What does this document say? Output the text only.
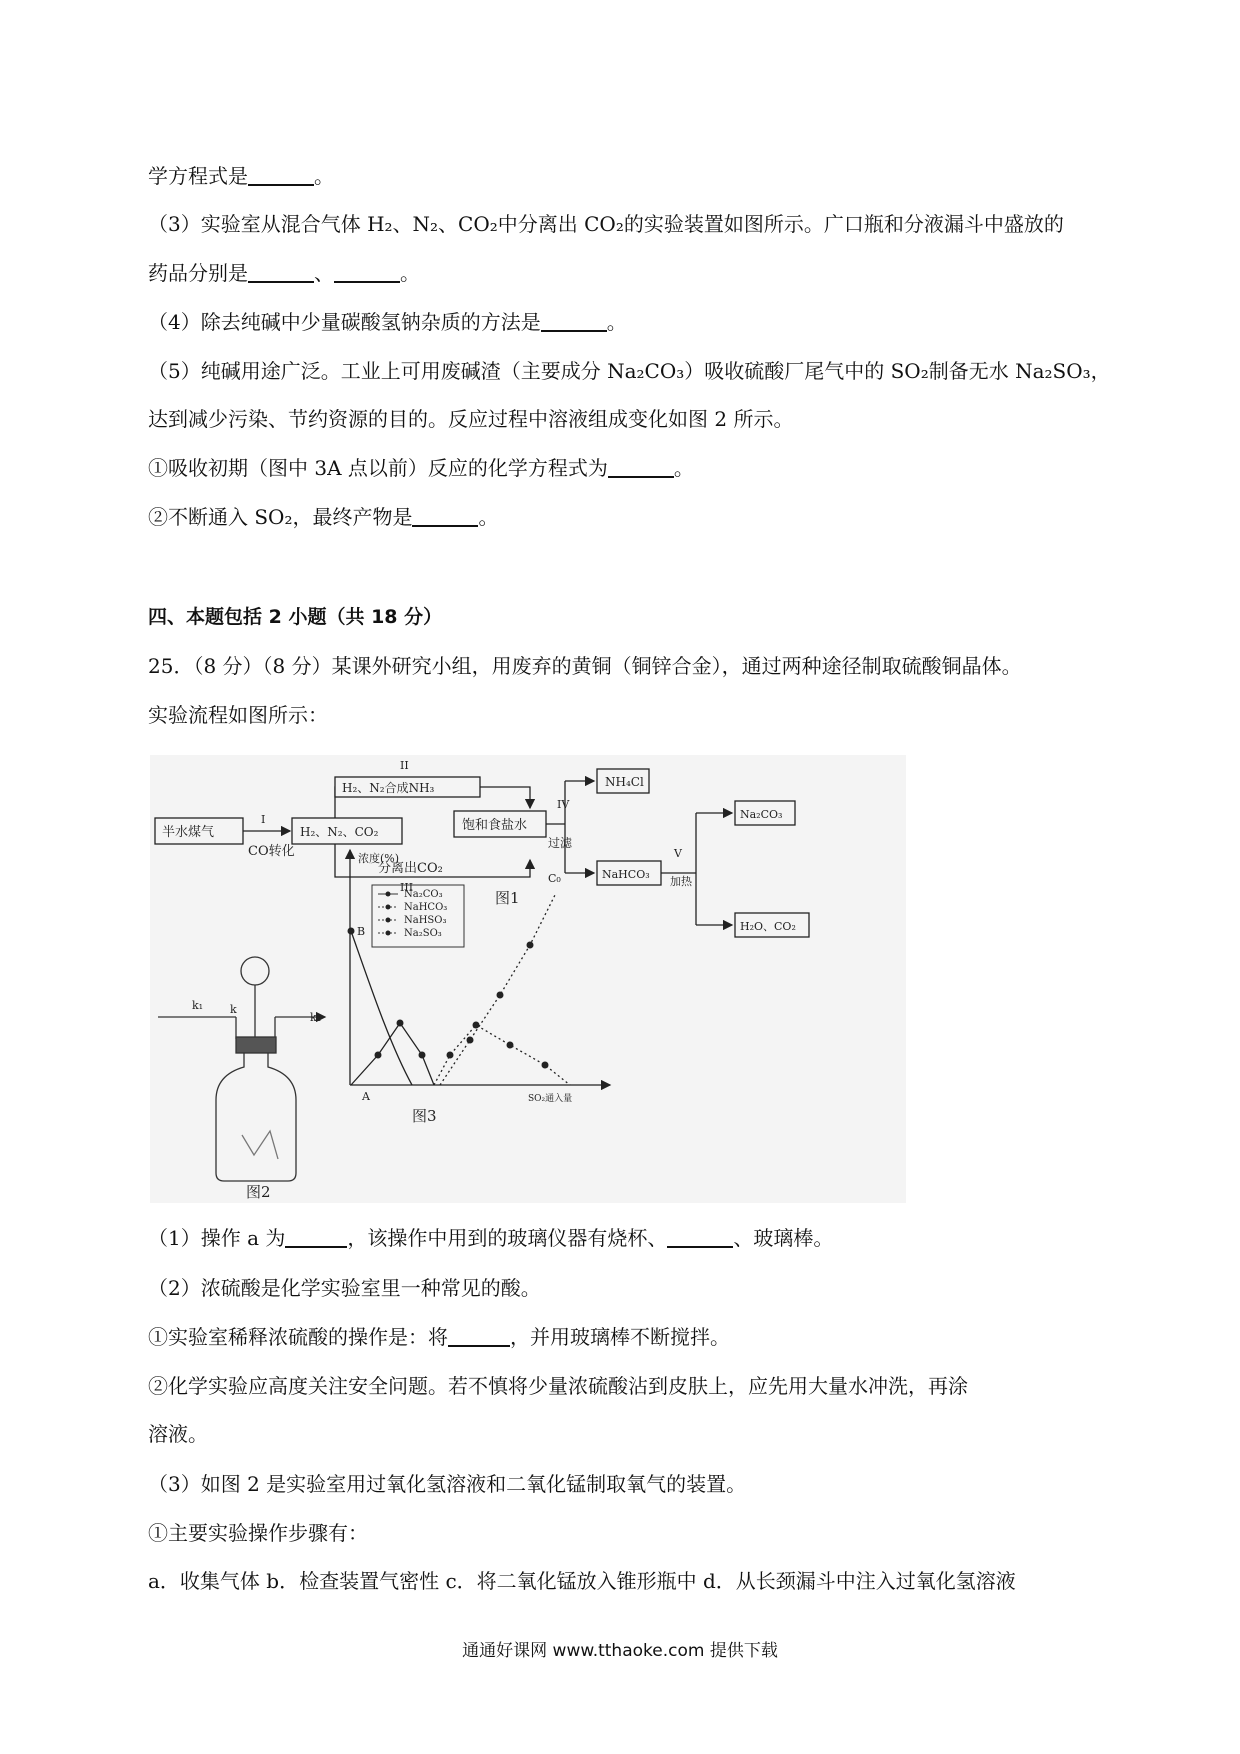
学方程式是	。
（3）实验室从混合气体 H₂、N₂、CO₂中分离出 CO₂的实验装置如图所示。广口瓶和分液漏斗中盛放的
药品分别是	、	。
（4）除去纯碱中少量碳酸氢钠杂质的方法是	。
（5）纯碱用途广泛。工业上可用废碱渣（主要成分 Na₂CO₃）吸收硫酸厂尾气中的 SO₂制备无水 Na₂SO₃，
达到减少污染、节约资源的目的。反应过程中溶液组成变化如图 2 所示。
①吸收初期（图中 3A 点以前）反应的化学方程式为	。
②不断通入 SO₂，最终产物是	。
四、本题包括 2 小题（共 18 分）
25．（8 分）（8 分）某课外研究小组，用废弃的黄铜（铜锌合金），通过两种途径制取硫酸铜晶体。
实验流程如图所示：
半水煤气
I
CO转化
H₂、N₂、CO₂
II
H₂、N₂合成NH₃
饱和食盐水
分离出CO₂
III
IV
过滤
NH₄Cl
NaHCO₃
V
加热
Na₂CO₃
H₂O、CO₂
图1
k₁ k
k₂
图2
浓度(%)
SO₂通入量
B
A
C₀
Na₂CO₃
NaHCO₃
NaHSO₃
Na₂SO₃
图3
（1）操作 a 为	，该操作中用到的玻璃仪器有烧杯、	、玻璃棒。
（2）浓硫酸是化学实验室里一种常见的酸。
①实验室稀释浓硫酸的操作是：将	，并用玻璃棒不断搅拌。
②化学实验应高度关注安全问题。若不慎将少量浓硫酸沾到皮肤上，应先用大量水冲洗，再涂
溶液。
（3）如图 2 是实验室用过氧化氢溶液和二氧化锰制取氧气的装置。
①主要实验操作步骤有：
a．收集气体 b．检查装置气密性 c．将二氧化锰放入锥形瓶中 d．从长颈漏斗中注入过氧化氢溶液
通通好课网 www.tthaoke.com 提供下载
